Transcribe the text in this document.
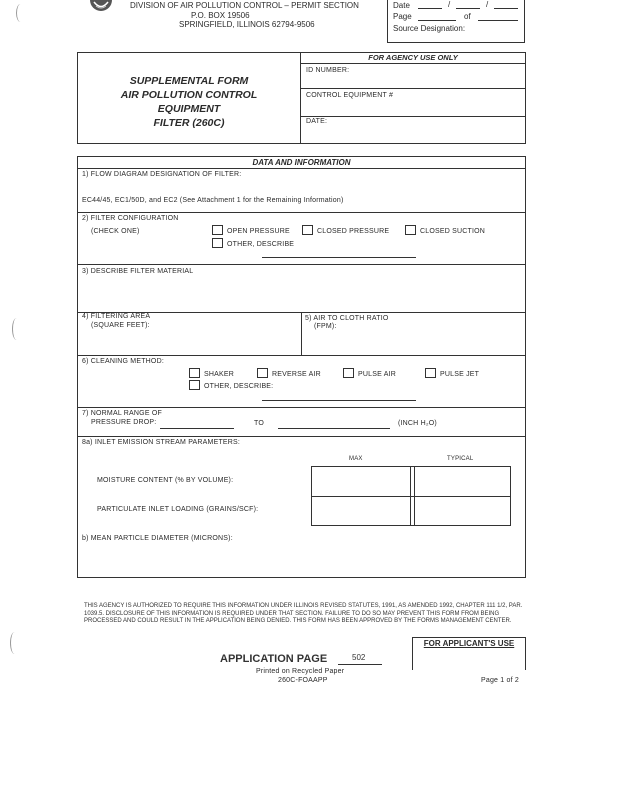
DIVISION OF AIR POLLUTION CONTROL – PERMIT SECTION
P.O. BOX 19506
SPRINGFIELD, ILLINOIS 62794-9506
Date	/	/
Page	of
Source Designation:
SUPPLEMENTAL FORM
AIR POLLUTION CONTROL
EQUIPMENT
FILTER (260C)
FOR AGENCY USE ONLY
ID NUMBER:
CONTROL EQUIPMENT #
DATE:
DATA AND INFORMATION
1) FLOW DIAGRAM DESIGNATION OF FILTER:
EC44/45, EC1/50D, and EC2 (See Attachment 1 for the Remaining Information)
2) FILTER CONFIGURATION
(CHECK ONE)	OPEN PRESSURE	CLOSED PRESSURE	CLOSED SUCTION
OTHER, DESCRIBE
3) DESCRIBE FILTER MATERIAL
4) FILTERING AREA
(SQUARE FEET):
5) AIR TO CLOTH RATIO
(FPM):
6) CLEANING METHOD:
SHAKER	REVERSE AIR	PULSE AIR	PULSE JET
OTHER, DESCRIBE:
7) NORMAL RANGE OF
PRESSURE DROP:	TO	(INCH H₂O)
8a) INLET EMISSION STREAM PARAMETERS:
MAX	TYPICAL
MOISTURE CONTENT (% BY VOLUME):
PARTICULATE INLET LOADING (GRAINS/SCF):
b) MEAN PARTICLE DIAMETER (MICRONS):
THIS AGENCY IS AUTHORIZED TO REQUIRE THIS INFORMATION UNDER ILLINOIS REVISED STATUTES, 1991, AS AMENDED 1992, CHAPTER 111 1/2, PAR. 1039.5. DISCLOSURE OF THIS INFORMATION IS REQUIRED UNDER THAT SECTION. FAILURE TO DO SO MAY PREVENT THIS FORM FROM BEING PROCESSED AND COULD RESULT IN THE APPLICATION BEING DENIED. THIS FORM HAS BEEN APPROVED BY THE FORMS MANAGEMENT CENTER.
FOR APPLICANT'S USE
APPLICATION PAGE	502
Printed on Recycled Paper
260C-FOAAPP	Page 1 of 2
